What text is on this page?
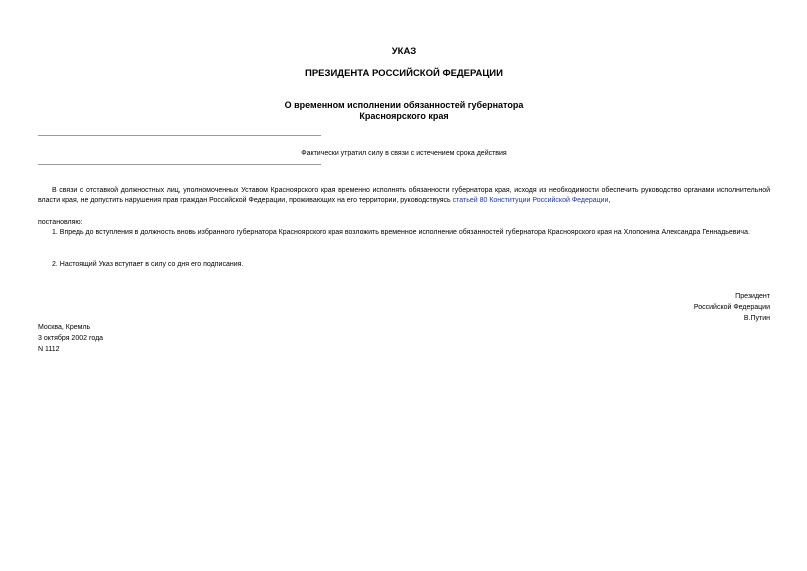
УКАЗ
ПРЕЗИДЕНТА РОССИЙСКОЙ ФЕДЕРАЦИИ
О временном исполнении обязанностей губернатора
Красноярского края
Фактически утратил силу в связи с истечением срока действия
В связи с отставкой должностных лиц, уполномоченных Уставом Красноярского края временно исполнять обязанности губернатора края, исходя из необходимости обеспечить руководство органами исполнительной власти края, не допустить нарушения прав граждан Российской Федерации, проживающих на его территории, руководствуясь статьей 80 Конституции Российской Федерации,
постановляю:
1. Впредь до вступления в должность вновь избранного губернатора Красноярского края возложить временное исполнение обязанностей губернатора Красноярского края на Хлопонина Александра Геннадьевича.
2. Настоящий Указ вступает в силу со дня его подписания.
Президент
Российской Федерации
В.Путин
Москва, Кремль
3 октября 2002 года
N 1112
